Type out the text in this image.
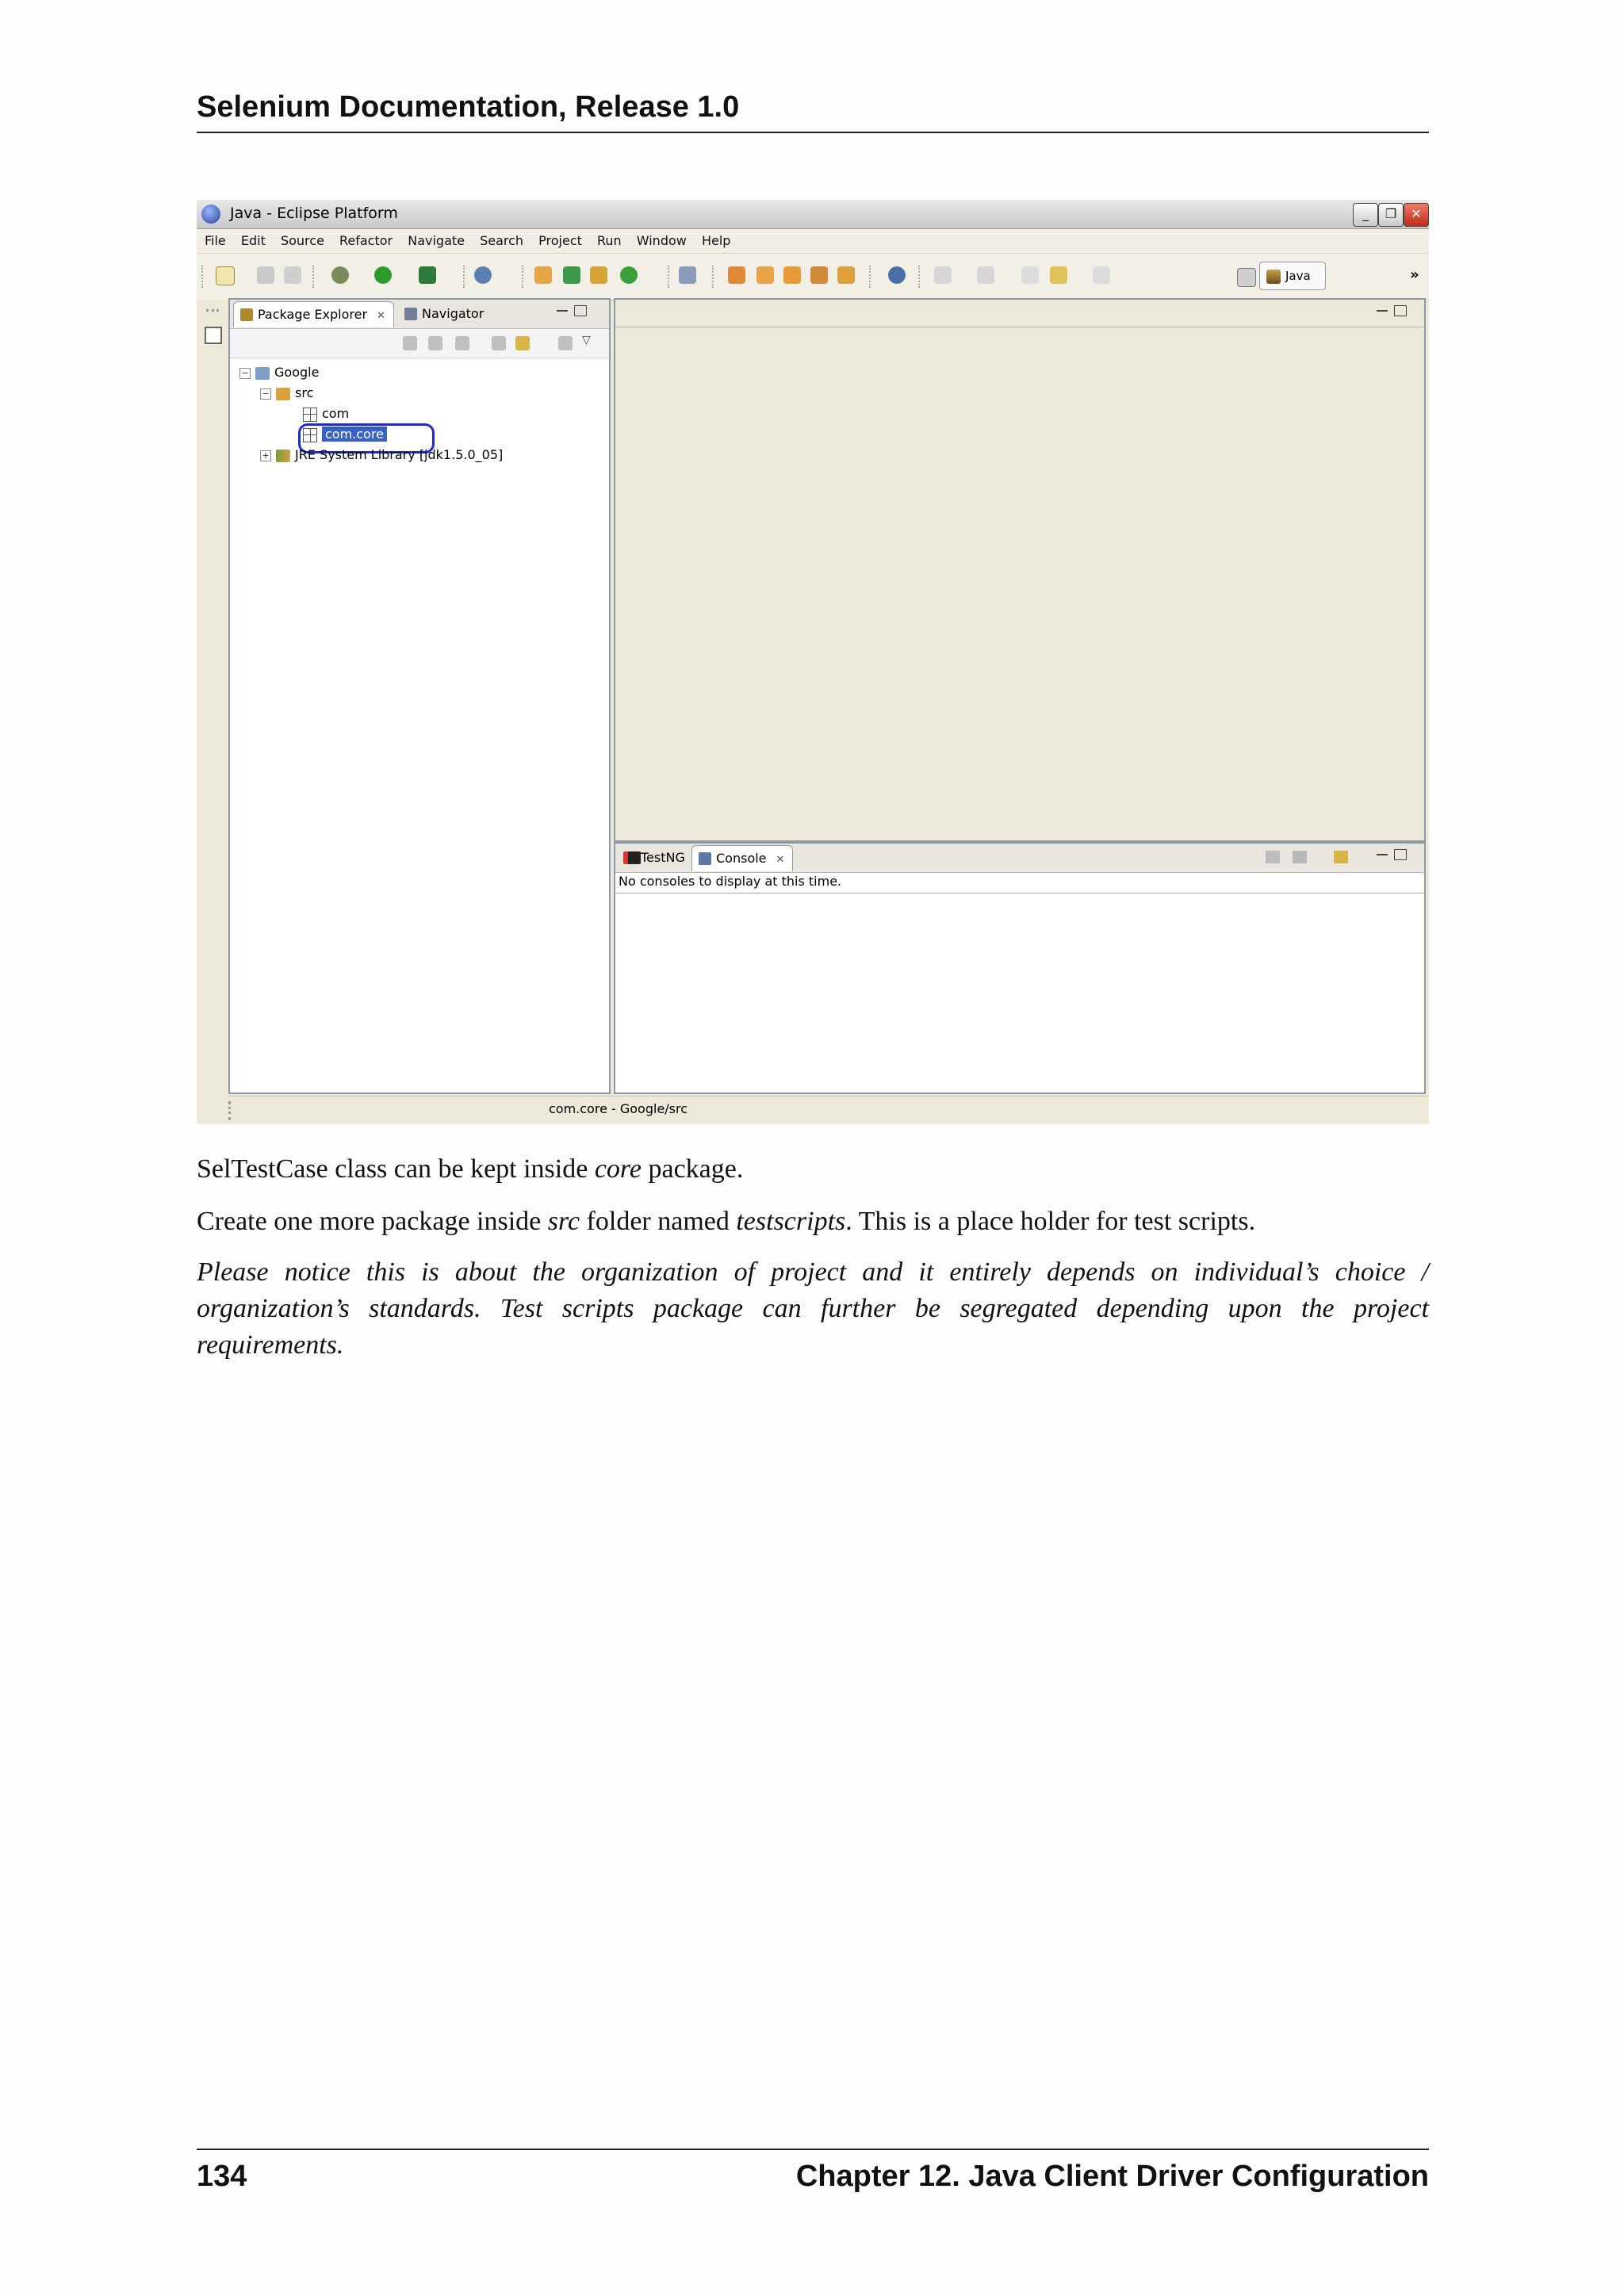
Selenium Documentation, Release 1.0
Java - Eclipse Platform	_	❐	✕
File Edit Source Refactor Navigate Search Project Run Window Help
Java	»
Package Explorer ✕	Navigator
▽
− Google
− src
com
com.core
+ JRE System Library [jdk1.5.0_05]
TestNG	Console ✕
No consoles to display at this time.
com.core - Google/src
SelTestCase class can be kept inside core package.
Create one more package inside src folder named testscripts. This is a place holder for test scripts.
Please notice this is about the organization of project and it entirely depends on individual’s choice / organization’s standards. Test scripts package can further be segregated depending upon the project requirements.
134	Chapter 12. Java Client Driver Configuration
